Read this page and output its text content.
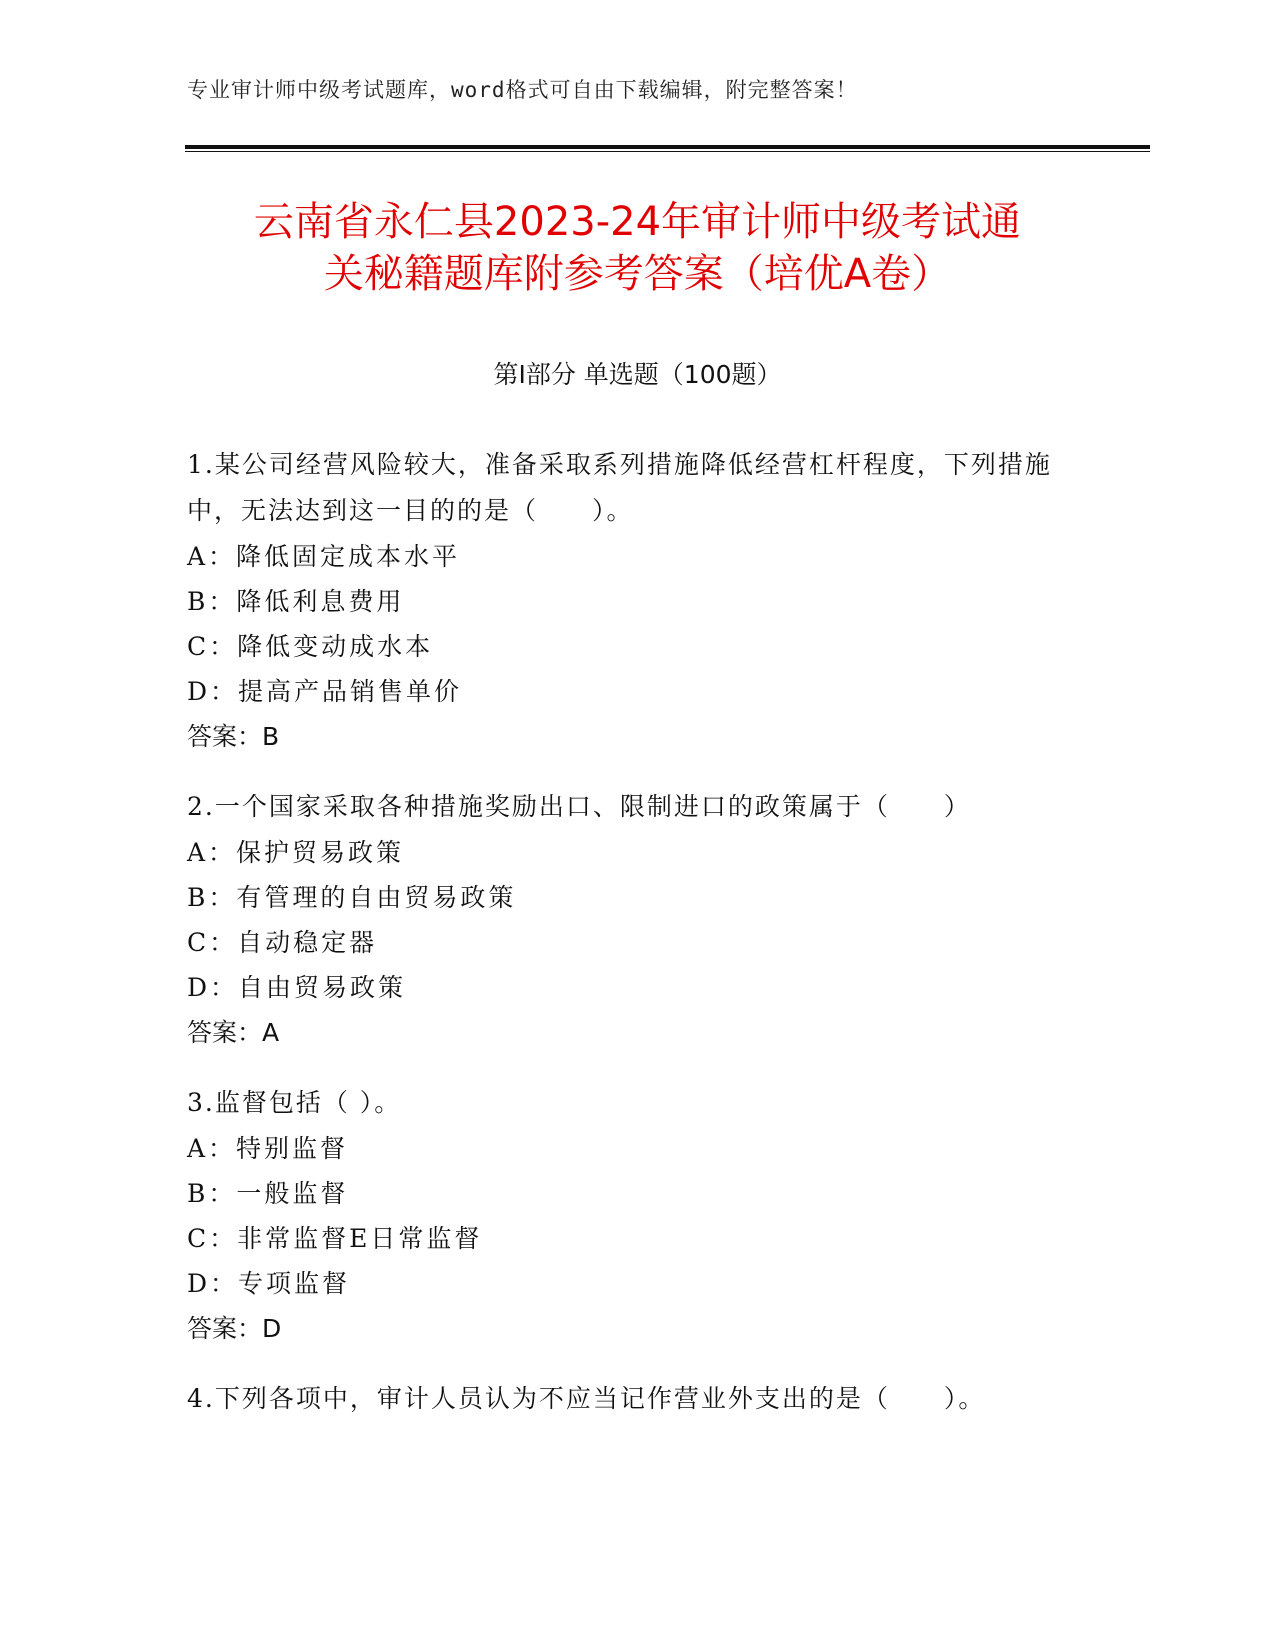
专业审计师中级考试题库，word格式可自由下载编辑，附完整答案！
云南省永仁县2023-24年审计师中级考试通
关秘籍题库附参考答案（培优A卷）
第I部分 单选题（100题）
1.某公司经营风险较大，准备采取系列措施降低经营杠杆程度，下列措施中，无法达到这一目的的是（　　）。
A：降低固定成本水平
B：降低利息费用
C：降低变动成水本
D：提高产品销售单价
答案：B
2.一个国家采取各种措施奖励出口、限制进口的政策属于（　　）
A：保护贸易政策
B：有管理的自由贸易政策
C：自动稳定器
D：自由贸易政策
答案：A
3.监督包括（ ）。
A：特别监督
B：一般监督
C：非常监督E日常监督
D：专项监督
答案：D
4.下列各项中，审计人员认为不应当记作营业外支出的是（　　）。
